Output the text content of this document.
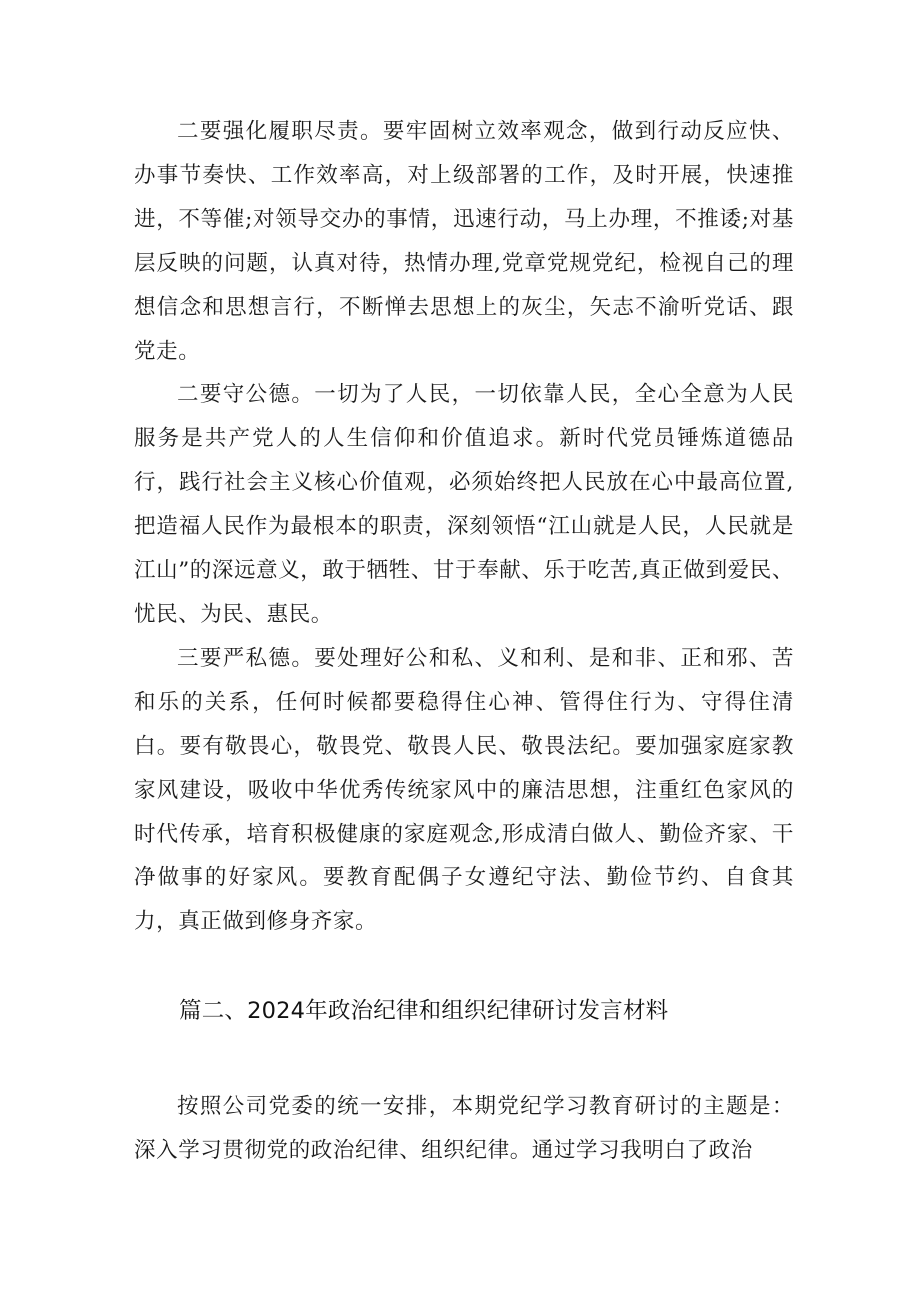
二要强化履职尽责。要牢固树立效率观念，做到行动反应快、办事节奏快、工作效率高，对上级部署的工作，及时开展，快速推进，不等催;对领导交办的事情，迅速行动，马上办理，不推诿;对基层反映的问题，认真对待，热情办理,党章党规党纪，检视自己的理想信念和思想言行，不断惮去思想上的灰尘，矢志不渝听党话、跟党走。

二要守公德。一切为了人民，一切依靠人民，全心全意为人民服务是共产党人的人生信仰和价值追求。新时代党员锤炼道德品行，践行社会主义核心价值观，必须始终把人民放在心中最高位置,把造福人民作为最根本的职责，深刻领悟“江山就是人民，人民就是江山”的深远意义，敢于牺牲、甘于奉献、乐于吃苦,真正做到爱民、忧民、为民、惠民。

三要严私德。要处理好公和私、义和利、是和非、正和邪、苦和乐的关系，任何时候都要稳得住心神、管得住行为、守得住清白。要有敬畏心，敬畏党、敬畏人民、敬畏法纪。要加强家庭家教家风建设，吸收中华优秀传统家风中的廉洁思想，注重红色家风的时代传承，培育积极健康的家庭观念,形成清白做人、勤俭齐家、干净做事的好家风。要教育配偶子女遵纪守法、勤俭节约、自食其力，真正做到修身齐家。

篇二、2024年政治纪律和组织纪律研讨发言材料

按照公司党委的统一安排，本期党纪学习教育研讨的主题是：深入学习贯彻党的政治纪律、组织纪律。通过学习我明白了政治
